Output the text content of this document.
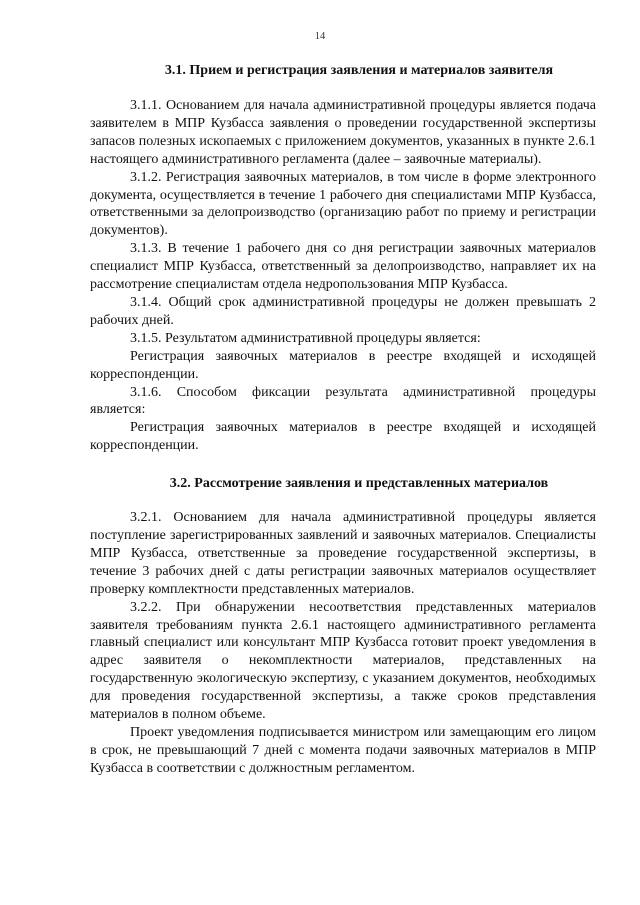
14
3.1. Прием и регистрация заявления и материалов заявителя

3.1.1. Основанием для начала административной процедуры является подача заявителем в МПР Кузбасса заявления о проведении государственной экспертизы запасов полезных ископаемых с приложением документов, указанных в пункте 2.6.1 настоящего административного регламента (далее – заявочные материалы).

3.1.2. Регистрация заявочных материалов, в том числе в форме электронного документа, осуществляется в течение 1 рабочего дня специалистами МПР Кузбасса, ответственными за делопроизводство (организацию работ по приему и регистрации документов).

3.1.3. В течение 1 рабочего дня со дня регистрации заявочных материалов специалист МПР Кузбасса, ответственный за делопроизводство, направляет их на рассмотрение специалистам отдела недропользования МПР Кузбасса.

3.1.4. Общий срок административной процедуры не должен превышать 2 рабочих дней.

3.1.5. Результатом административной процедуры является:

Регистрация заявочных материалов в реестре входящей и исходящей корреспонденции.

3.1.6. Способом фиксации результата административной процедуры является:

Регистрация заявочных материалов в реестре входящей и исходящей корреспонденции.

3.2. Рассмотрение заявления и представленных материалов

3.2.1. Основанием для начала административной процедуры является поступление зарегистрированных заявлений и заявочных материалов. Специалисты МПР Кузбасса, ответственные за проведение государственной экспертизы, в течение 3 рабочих дней с даты регистрации заявочных материалов осуществляет проверку комплектности представленных материалов.

3.2.2. При обнаружении несоответствия представленных материалов заявителя требованиям пункта 2.6.1 настоящего административного регламента главный специалист или консультант МПР Кузбасса готовит проект уведомления в адрес заявителя о некомплектности материалов, представленных на государственную экологическую экспертизу, с указанием документов, необходимых для проведения государственной экспертизы, а также сроков представления материалов в полном объеме.

Проект уведомления подписывается министром или замещающим его лицом в срок, не превышающий 7 дней с момента подачи заявочных материалов в МПР Кузбасса в соответствии с должностным регламентом.
